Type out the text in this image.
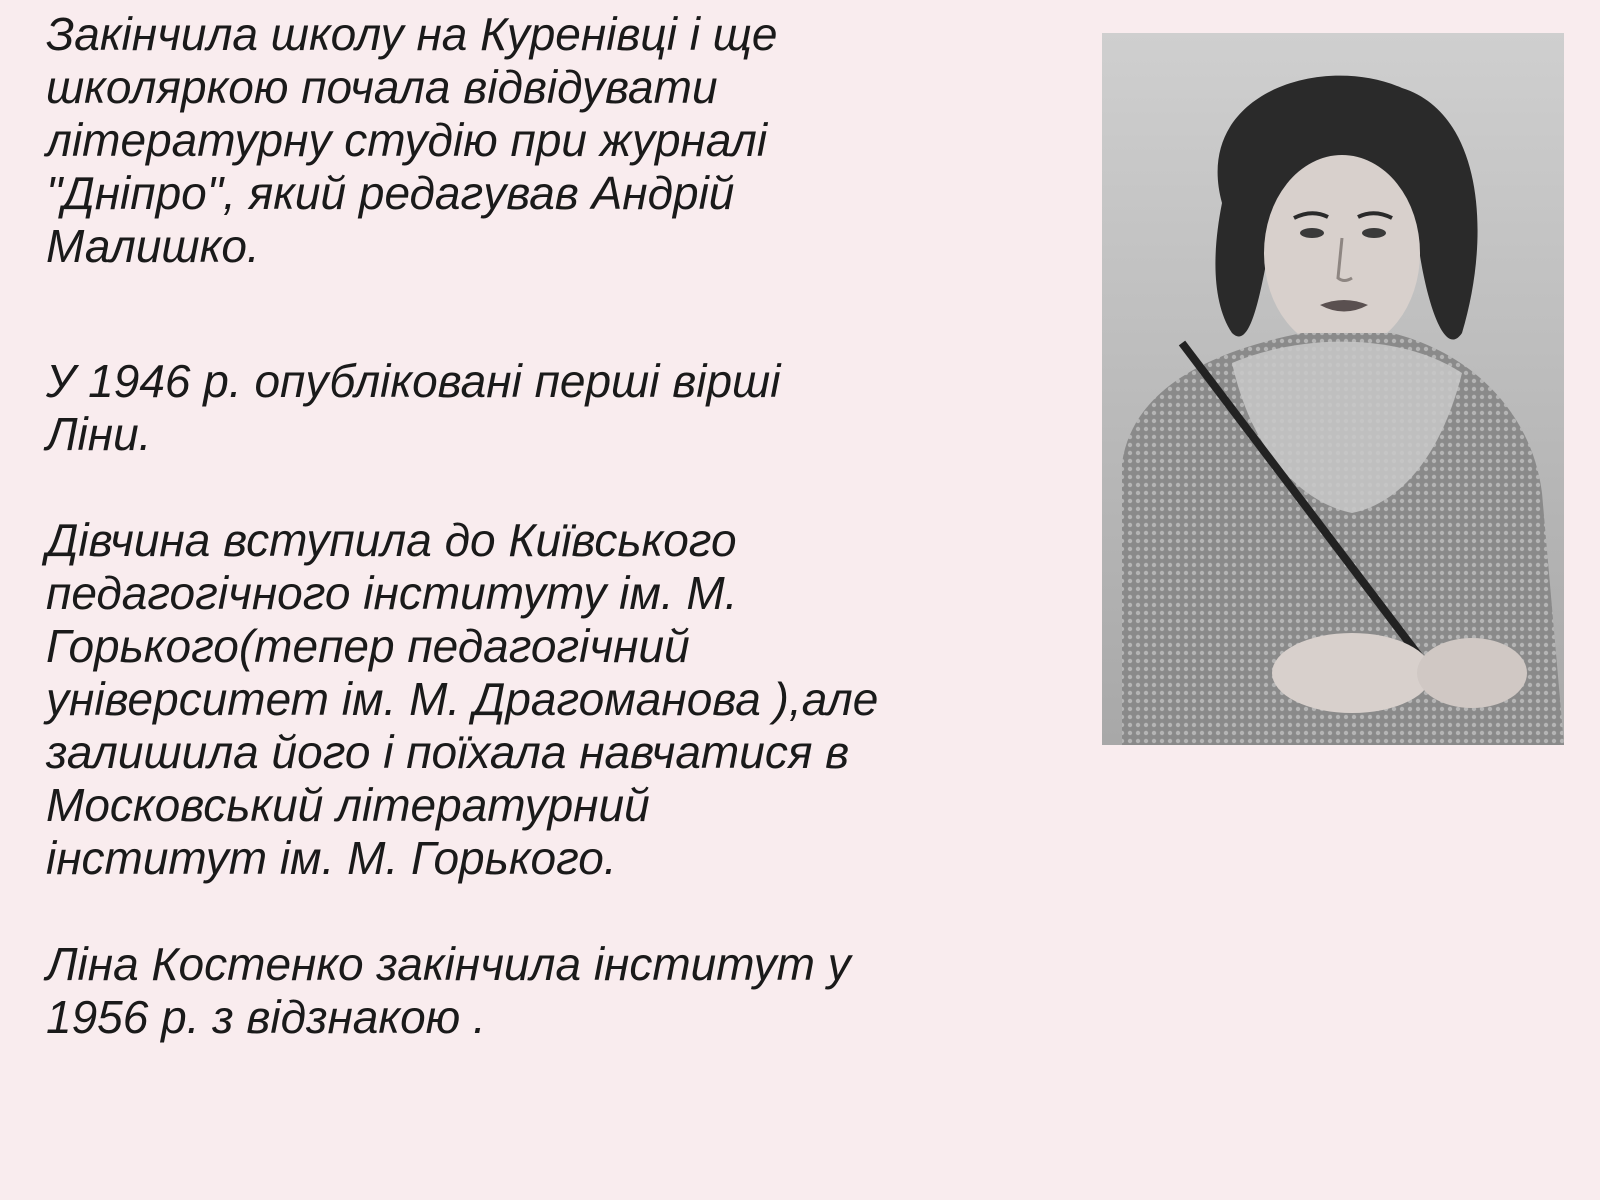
Закінчила школу на Куренівці і ще
школяркою почала відвідувати
літературну студію при журналі
"Дніпро", який редагував Андрій
Малишко.

У 1946 р. опубліковані перші вірші
Ліни.

Дівчина вступила до Київського
педагогічного інституту ім. М.
Горького(тепер педагогічний
університет ім. М. Драгоманова ),але
залишила його і поїхала навчатися в
Московський літературний
інститут ім. М. Горького.

Ліна Костенко закінчила інститут у
1956 р. з відзнакою .
